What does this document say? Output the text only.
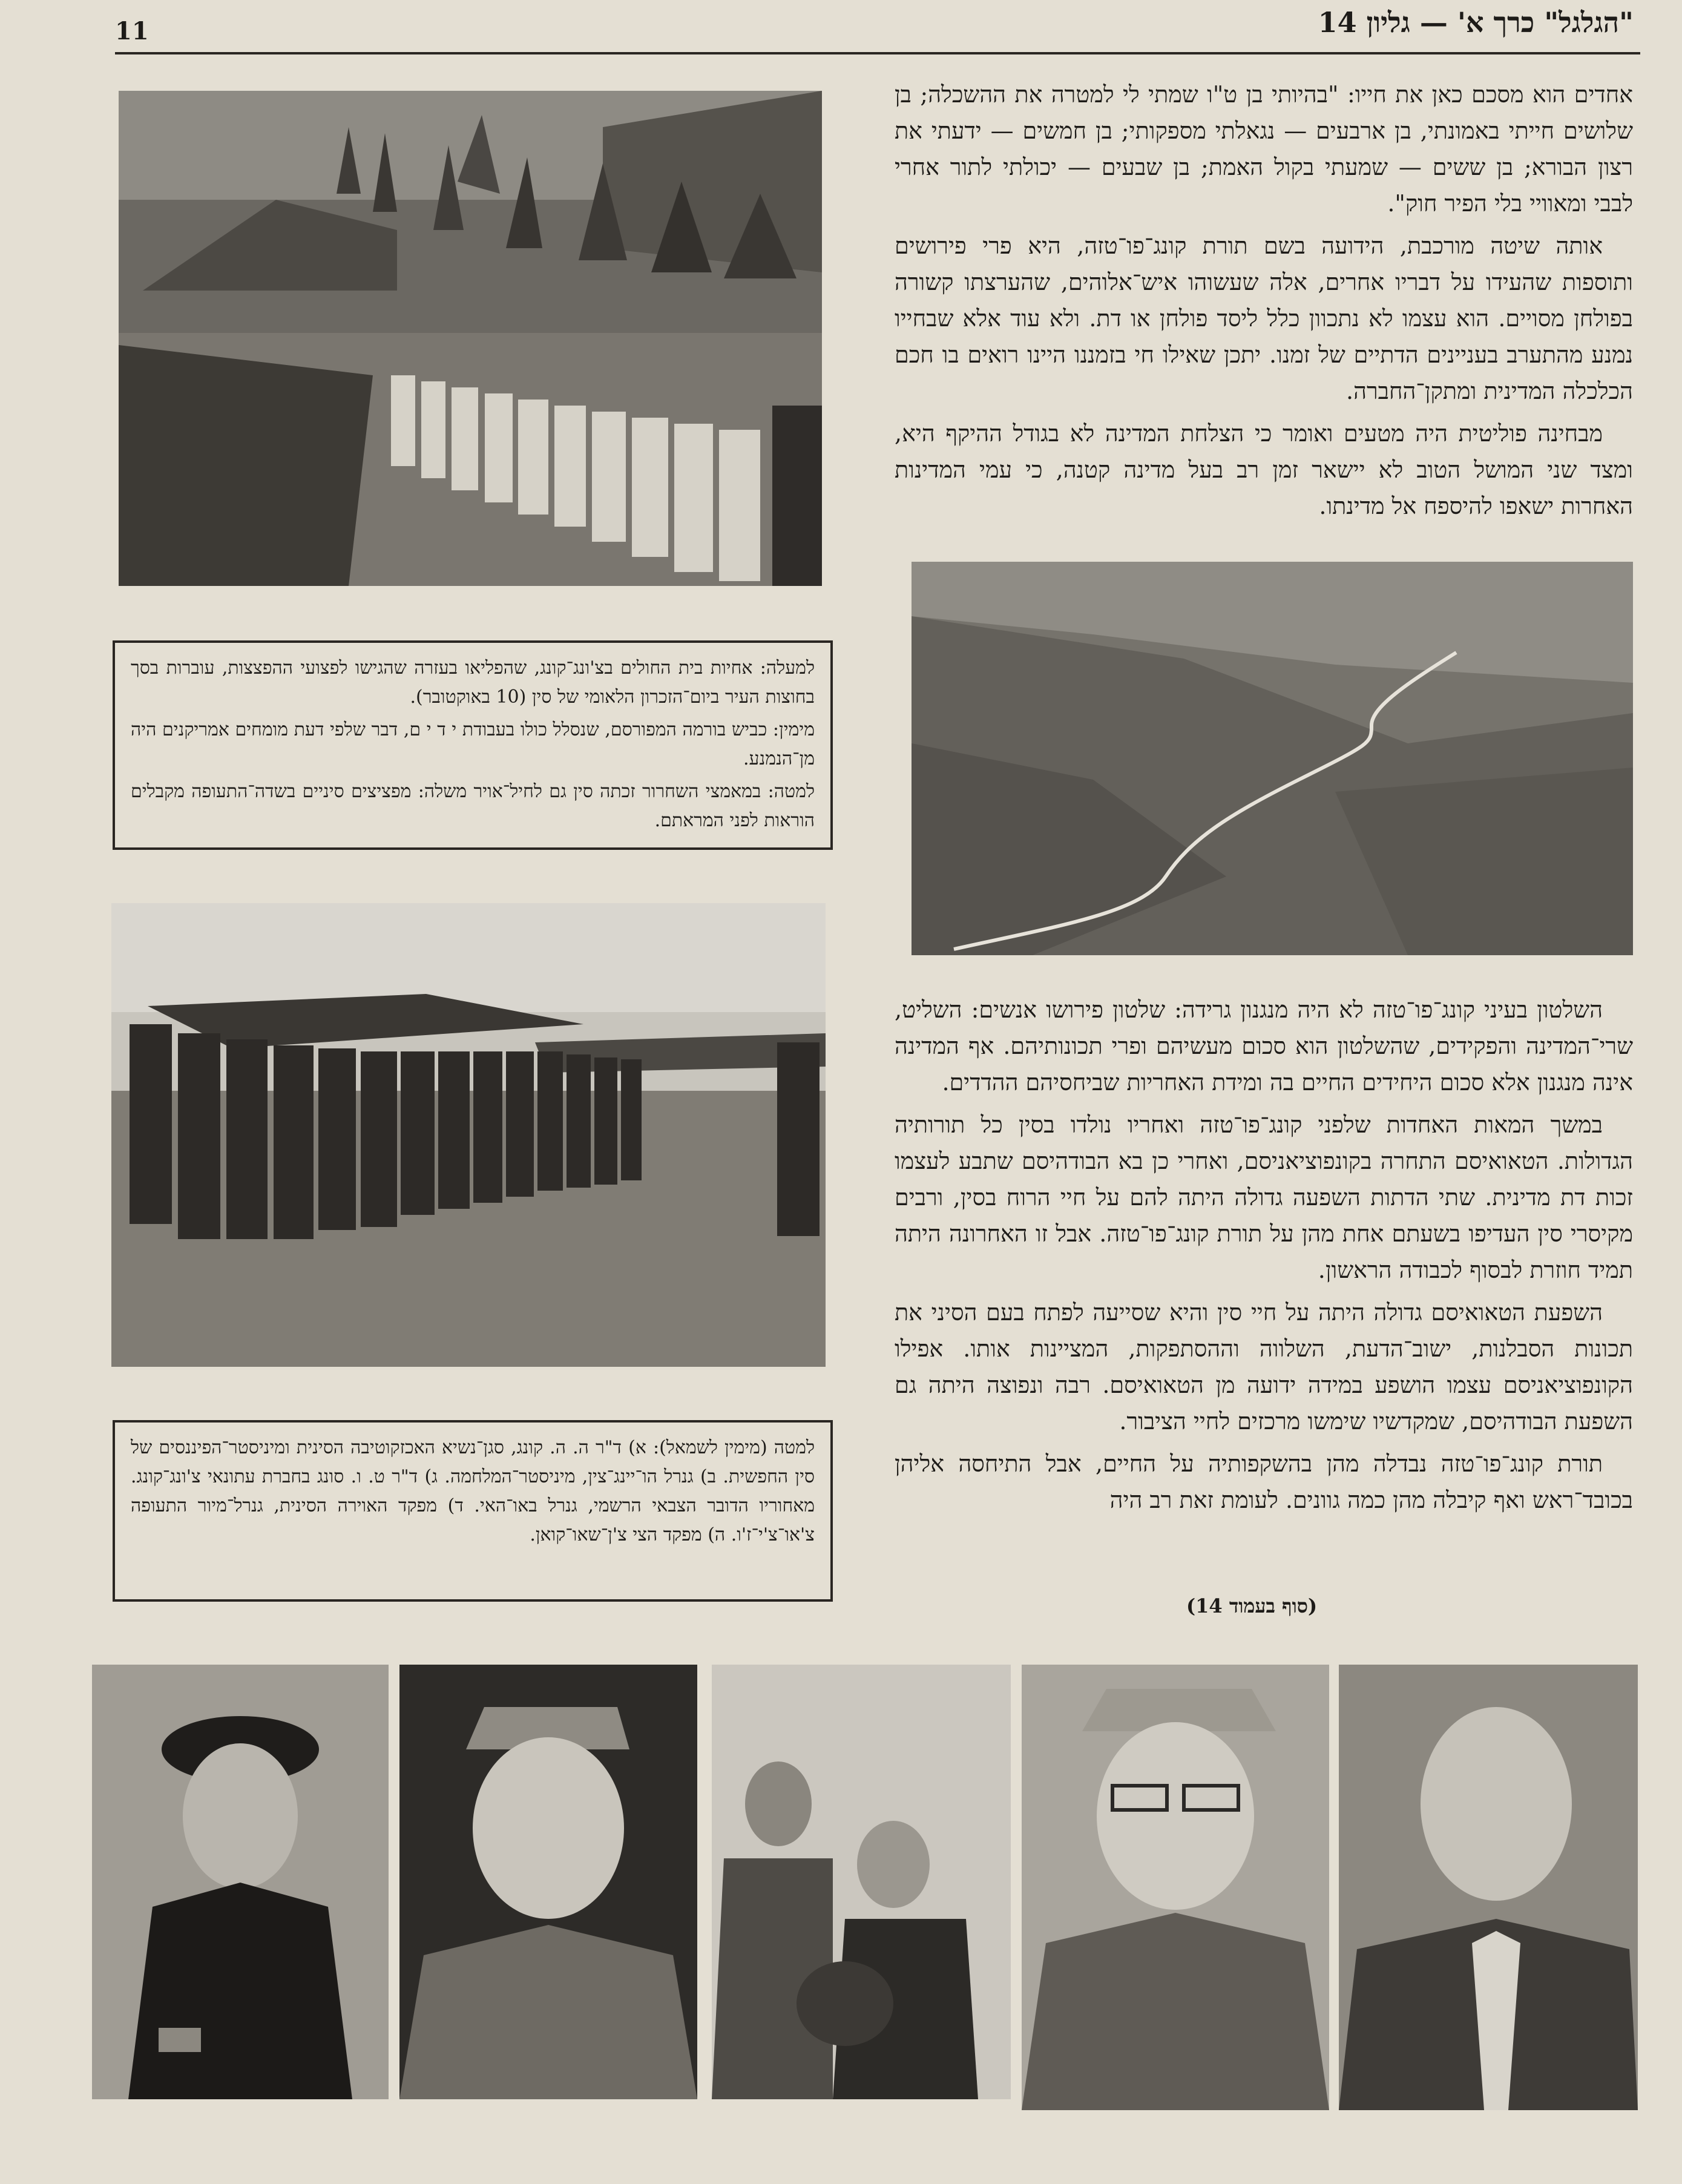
11	"הגלגל" כרך א' — גליון 14

למעלה: אחיות בית החולים בצ'ונג־קונג, שהפליאו בעזרה שהגישו לפצועי ההפצצות, עוברות בסך בחוצות העיר ביום־הזכרון הלאומי של סין (10 באוקטובר).

מימין: כביש בורמה המפורסם, שנסלל כולו בעבודת י ד י ם, דבר שלפי דעת מומחים אמריקנים היה מן־הנמנע.

למטה: במאמצי השחרור זכתה סין גם לחיל־אויר משלה: מפציצים סיניים בשדה־התעופה מקבלים הוראות לפני המראתם.

למטה (מימין לשמאל): א) ד"ר ה. ה. קונג, סגן־נשיא האכזקוטיבה הסינית ומיניסטר־הפיננסים של סין החפשית. ב) גנרל הו־יינג־צין, מיניסטר־המלחמה. ג) ד"ר ט. ו. סונג בחברת עתונאי צ'ונג־קונג. מאחוריו הדובר הצבאי הרשמי, גנרל באו־האי. ד) מפקד האוירה הסינית, גנרל־מיור התעופה צ'או־צ'י־ז'ו. ה) מפקד הצי צ'ן־שאו־קואן.

אחדים הוא מסכם כאן את חייו: "בהיותי בן ט"ו שמתי לי למטרה את ההשכלה; בן שלושים חייתי באמונתי, בן ארבעים — נגאלתי מספקותי; בן חמשים — ידעתי את רצון הבורא; בן ששים — שמעתי בקול האמת; בן שבעים — יכולתי לתור אחרי לבבי ומאוויי בלי הפיר חוק".

אותה שיטה מורכבת, הידועה בשם תורת קונג־פו־טזה, היא פרי פירושים ותוספות שהעידו על דבריו אחרים, אלה שעשוהו איש־אלוהים, שהערצתו קשורה בפולחן מסויים. הוא עצמו לא נתכוון כלל ליסד פולחן או דת. ולא עוד אלא שבחייו נמנע מהתערב בעניינים הדתיים של זמנו. יתכן שאילו חי בזמננו היינו רואים בו חכם הכלכלה המדינית ומתקן־החברה.

מבחינה פוליטית היה מטעים ואומר כי הצלחת המדינה לא בגודל ההיקף היא, ומצד שני המושל הטוב לא יישאר זמן רב בעל מדינה קטנה, כי עמי המדינות האחרות ישאפו להיספח אל מדינתו.

השלטון בעיני קונג־פו־טזה לא היה מנגנון גרידה: שלטון פירושו אנשים: השליט, שרי־המדינה והפקידים, שהשלטון הוא סכום מעשיהם ופרי תכונותיהם. אף המדינה אינה מנגנון אלא סכום היחידים החיים בה ומידת האחריות שביחסיהם ההדדים.

במשך המאות האחדות שלפני קונג־פו־טזה ואחריו נולדו בסין כל תורותיה הגדולות. הטאואיסם התחרה בקונפוציאניסם, ואחרי כן בא הבודהיסם שתבע לעצמו זכות דת מדינית. שתי הדתות השפעה גדולה היתה להם על חיי הרוח בסין, ורבים מקיסרי סין העדיפו בשעתם אחת מהן על תורת קונג־פו־טזה. אבל זו האחרונה היתה תמיד חוזרת לבסוף לכבודה הראשון.

השפעת הטאואיסם גדולה היתה על חיי סין והיא שסייעה לפתח בעם הסיני את תכונות הסבלנות, ישוב־הדעת, השלווה וההסתפקות, המציינות אותו. אפילו הקונפוציאניסם עצמו הושפע במידה ידועה מן הטאואיסם. רבה ונפוצה היתה גם השפעת הבודהיסם, שמקדשיו שימשו מרכזים לחיי הציבור.

תורת קונג־פו־טזה נבדלה מהן בהשקפותיה על החיים, אבל התיחסה אליהן בכובד־ראש ואף קיבלה מהן כמה גוונים. לעומת זאת רב היה

(סוף בעמוד 14)
